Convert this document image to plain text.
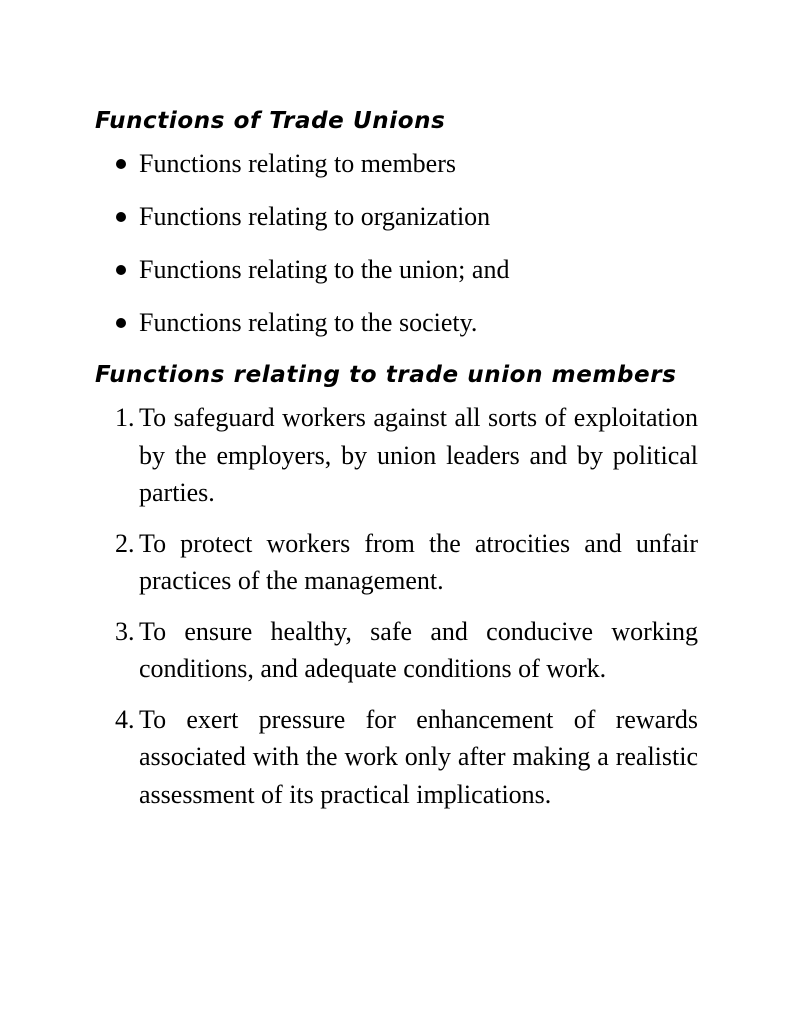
Functions of Trade Unions
Functions relating to members
Functions relating to organization
Functions relating to the union; and
Functions relating to the society.
Functions relating to trade union members
1. To safeguard workers against all sorts of exploitation by the employers, by union leaders and by political parties.
2. To protect workers from the atrocities and unfair practices of the management.
3. To ensure healthy, safe and conducive working conditions, and adequate conditions of work.
4. To exert pressure for enhancement of rewards associated with the work only after making a realistic assessment of its practical implications.
